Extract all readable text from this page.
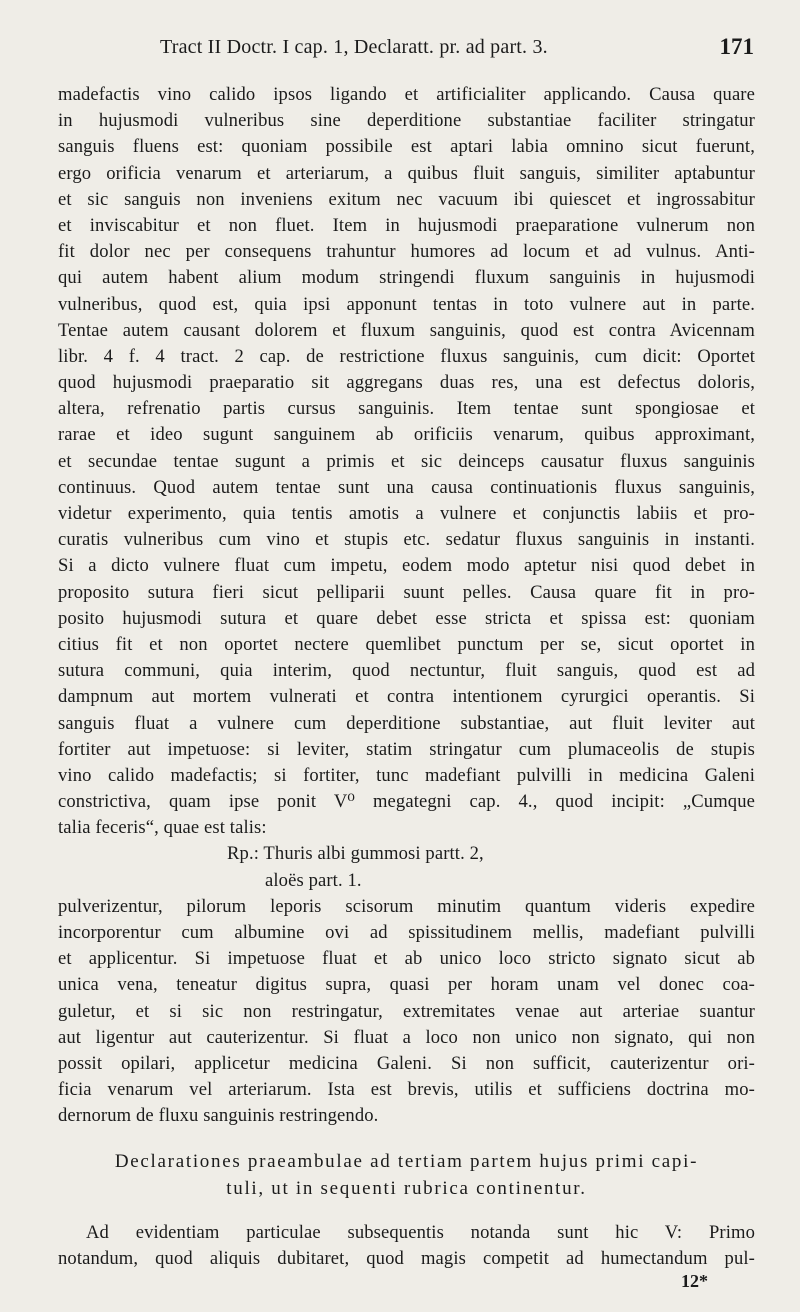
Tract II Doctr. I cap. 1, Declaratt. pr. ad part. 3.	171
madefactis vino calido ipsos ligando et artificialiter applicando. Causa quare
in hujusmodi vulneribus sine deperditione substantiae faciliter stringatur
sanguis fluens est: quoniam possibile est aptari labia omnino sicut fuerunt,
ergo orificia venarum et arteriarum, a quibus fluit sanguis, similiter aptabuntur
et sic sanguis non inveniens exitum nec vacuum ibi quiescet et ingrossabitur
et inviscabitur et non fluet. Item in hujusmodi praeparatione vulnerum non
fit dolor nec per consequens trahuntur humores ad locum et ad vulnus. Anti-
qui autem habent alium modum stringendi fluxum sanguinis in hujusmodi
vulneribus, quod est, quia ipsi apponunt tentas in toto vulnere aut in parte.
Tentae autem causant dolorem et fluxum sanguinis, quod est contra Avicennam
libr. 4 f. 4 tract. 2 cap. de restrictione fluxus sanguinis, cum dicit: Oportet
quod hujusmodi praeparatio sit aggregans duas res, una est defectus doloris,
altera, refrenatio partis cursus sanguinis. Item tentae sunt spongiosae et
rarae et ideo sugunt sanguinem ab orificiis venarum, quibus approximant,
et secundae tentae sugunt a primis et sic deinceps causatur fluxus sanguinis
continuus. Quod autem tentae sunt una causa continuationis fluxus sanguinis,
videtur experimento, quia tentis amotis a vulnere et conjunctis labiis et pro-
curatis vulneribus cum vino et stupis etc. sedatur fluxus sanguinis in instanti.
Si a dicto vulnere fluat cum impetu, eodem modo aptetur nisi quod debet in
proposito sutura fieri sicut pelliparii suunt pelles. Causa quare fit in pro-
posito hujusmodi sutura et quare debet esse stricta et spissa est: quoniam
citius fit et non oportet nectere quemlibet punctum per se, sicut oportet in
sutura communi, quia interim, quod nectuntur, fluit sanguis, quod est ad
dampnum aut mortem vulnerati et contra intentionem cyrurgici operantis. Si
sanguis fluat a vulnere cum deperditione substantiae, aut fluit leviter aut
fortiter aut impetuose: si leviter, statim stringatur cum plumaceolis de stupis
vino calido madefactis; si fortiter, tunc madefiant pulvilli in medicina Galeni
constrictiva, quam ipse ponit V⁰ megategni cap. 4., quod incipit: „Cumque
talia feceris“, quae est talis:
Rp.: Thuris albi gummosi partt. 2,
aloës part. 1.
pulverizentur, pilorum leporis scisorum minutim quantum videris expedire
incorporentur cum albumine ovi ad spissitudinem mellis, madefiant pulvilli
et applicentur. Si impetuose fluat et ab unico loco stricto signato sicut ab
unica vena, teneatur digitus supra, quasi per horam unam vel donec coa-
guletur, et si sic non restringatur, extremitates venae aut arteriae suantur
aut ligentur aut cauterizentur. Si fluat a loco non unico non signato, qui non
possit opilari, applicetur medicina Galeni. Si non sufficit, cauterizentur ori-
ficia venarum vel arteriarum. Ista est brevis, utilis et sufficiens doctrina mo-
dernorum de fluxu sanguinis restringendo.
Declarationes praeambulae ad tertiam partem hujus primi capi-
tuli, ut in sequenti rubrica continentur.
Ad evidentiam particulae subsequentis notanda sunt hic V: Primo
notandum, quod aliquis dubitaret, quod magis competit ad humectandum pul-
12*
